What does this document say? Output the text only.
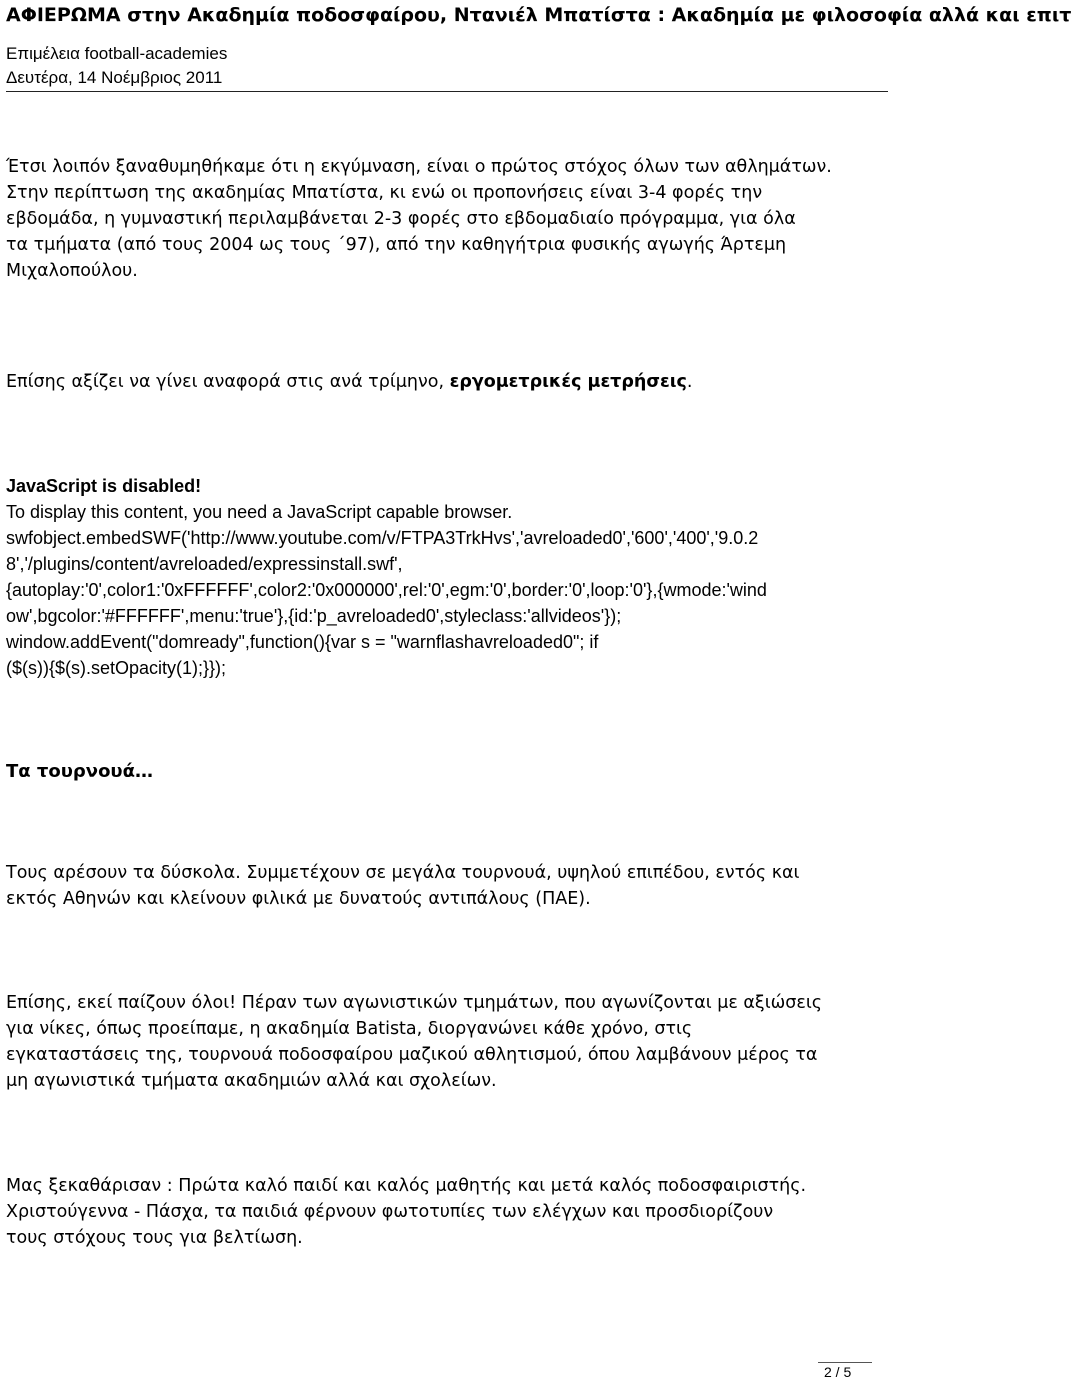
ΑΦΙΕΡΩΜΑ στην Ακαδημία ποδοσφαίρου, Ντανιέλ Μπατίστα : Ακαδημία με φιλοσοφία αλλά και επιτ
Επιμέλεια football-academies
Δευτέρα, 14 Νοέμβριος 2011
Έτσι λοιπόν ξαναθυμηθήκαμε ότι η εκγύμναση, είναι ο πρώτος στόχος όλων των αθλημάτων.
Στην περίπτωση της ακαδημίας Μπατίστα, κι ενώ οι προπονήσεις είναι 3-4 φορές την
εβδομάδα, η γυμναστική περιλαμβάνεται 2-3 φορές στο εβδομαδιαίο πρόγραμμα, για όλα
τα τμήματα (από τους 2004 ως τους ΄97), από την καθηγήτρια φυσικής αγωγής Άρτεμη
Μιχαλοπούλου.
Επίσης αξίζει να γίνει αναφορά στις ανά τρίμηνο, εργομετρικές μετρήσεις.
JavaScript is disabled!
To display this content, you need a JavaScript capable browser.
swfobject.embedSWF('http://www.youtube.com/v/FTPA3TrkHvs','avreloaded0','600','400','9.0.2
8','/plugins/content/avreloaded/expressinstall.swf',
{autoplay:'0',color1:'0xFFFFFF',color2:'0x000000',rel:'0',egm:'0',border:'0',loop:'0'},{wmode:'wind
ow',bgcolor:'#FFFFFF',menu:'true'},{id:'p_avreloaded0',styleclass:'allvideos'});
window.addEvent("domready",function(){var s = "warnflashavreloaded0"; if
($(s)){$(s).setOpacity(1);}});
Τα τουρνουά…
Τους αρέσουν τα δύσκολα. Συμμετέχουν σε μεγάλα τουρνουά, υψηλού επιπέδου, εντός και
εκτός Αθηνών και κλείνουν φιλικά με δυνατούς αντιπάλους (ΠΑΕ).
Επίσης, εκεί παίζουν όλοι! Πέραν των αγωνιστικών τμημάτων, που αγωνίζονται με αξιώσεις
για νίκες, όπως προείπαμε, η ακαδημία Batista, διοργανώνει κάθε χρόνο, στις
εγκαταστάσεις της, τουρνουά ποδοσφαίρου μαζικού αθλητισμού, όπου λαμβάνουν μέρος τα
μη αγωνιστικά τμήματα ακαδημιών αλλά και σχολείων.
Μας ξεκαθάρισαν : Πρώτα καλό παιδί και καλός μαθητής και μετά καλός ποδοσφαιριστής.
Χριστούγεννα - Πάσχα, τα παιδιά φέρνουν φωτοτυπίες των ελέγχων και προσδιορίζουν
τους στόχους τους για βελτίωση.
2 / 5
